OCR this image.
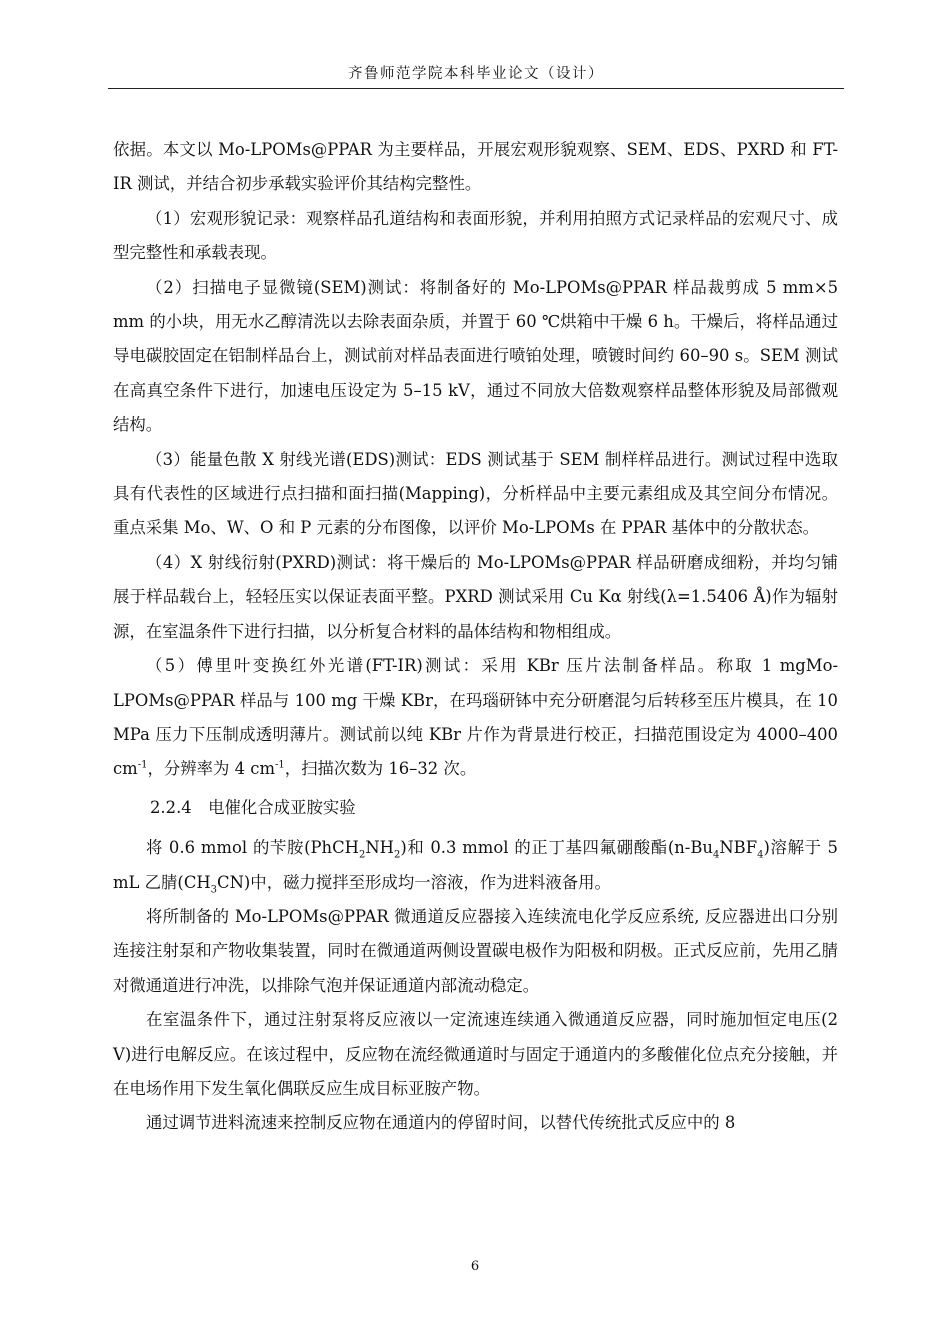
齐鲁师范学院本科毕业论文（设计）

依据。本文以 Mo-LPOMs@PPAR 为主要样品，开展宏观形貌观察、SEM、EDS、PXRD 和 FT-IR 测试，并结合初步承载实验评价其结构完整性。

（1）宏观形貌记录：观察样品孔道结构和表面形貌，并利用拍照方式记录样品的宏观尺寸、成型完整性和承载表现。

（2）扫描电子显微镜(SEM)测试：将制备好的 Mo-LPOMs@PPAR 样品裁剪成 5 mm×5 mm 的小块，用无水乙醇清洗以去除表面杂质，并置于 60 ℃烘箱中干燥 6 h。干燥后，将样品通过导电碳胶固定在铝制样品台上，测试前对样品表面进行喷铂处理，喷镀时间约 60–90 s。SEM 测试在高真空条件下进行，加速电压设定为 5–15 kV，通过不同放大倍数观察样品整体形貌及局部微观结构。

（3）能量色散 X 射线光谱(EDS)测试：EDS 测试基于 SEM 制样样品进行。测试过程中选取具有代表性的区域进行点扫描和面扫描(Mapping)，分析样品中主要元素组成及其空间分布情况。重点采集 Mo、W、O 和 P 元素的分布图像，以评价 Mo-LPOMs 在 PPAR 基体中的分散状态。

（4）X 射线衍射(PXRD)测试：将干燥后的 Mo-LPOMs@PPAR 样品研磨成细粉，并均匀铺展于样品载台上，轻轻压实以保证表面平整。PXRD 测试采用 Cu Kα 射线(λ=1.5406 Å)作为辐射源，在室温条件下进行扫描，以分析复合材料的晶体结构和物相组成。

（5）傅里叶变换红外光谱(FT-IR)测试：采用 KBr 压片法制备样品。称取 1 mgMo-LPOMs@PPAR 样品与 100 mg 干燥 KBr，在玛瑙研钵中充分研磨混匀后转移至压片模具，在 10 MPa 压力下压制成透明薄片。测试前以纯 KBr 片作为背景进行校正，扫描范围设定为 4000–400 $cm^{-1}$，分辨率为 4 $cm^{-1}$，扫描次数为 16–32 次。

2.2.4　电催化合成亚胺实验

将 0.6 mmol 的苄胺$(PhCH_2NH_2)$和 0.3 mmol 的正丁基四氟硼酸酯$(n-Bu_4NBF_4)$溶解于 5 mL 乙腈$(CH_3CN)$中，磁力搅拌至形成均一溶液，作为进料液备用。

将所制备的 Mo-LPOMs@PPAR 微通道反应器接入连续流电化学反应系统, 反应器进出口分别连接注射泵和产物收集装置，同时在微通道两侧设置碳电极作为阳极和阴极。正式反应前，先用乙腈对微通道进行冲洗，以排除气泡并保证通道内部流动稳定。

在室温条件下，通过注射泵将反应液以一定流速连续通入微通道反应器，同时施加恒定电压(2 V)进行电解反应。在该过程中，反应物在流经微通道时与固定于通道内的多酸催化位点充分接触，并在电场作用下发生氧化偶联反应生成目标亚胺产物。

通过调节进料流速来控制反应物在通道内的停留时间，以替代传统批式反应中的 8

6
